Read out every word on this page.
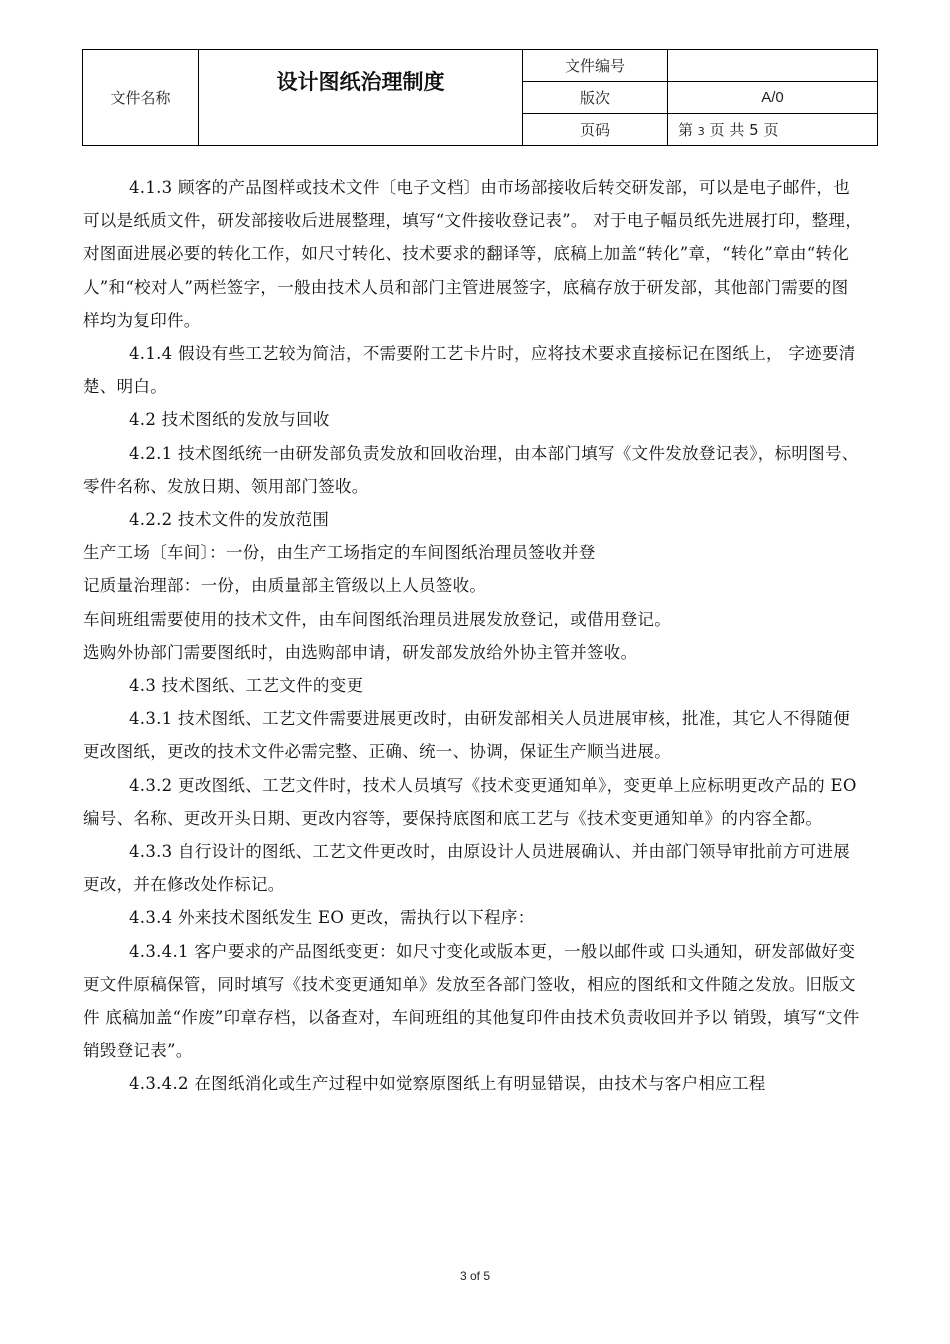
文件名称	设计图纸治理制度	文件编号	
		版次	A/0
		页码	第 3 页 共 5 页

4.1.3 顾客的产品图样或技术文件〔电子文档〕由市场部接收后转交研发部，可以是电子邮件，也可以是纸质文件，研发部接收后进展整理，填写“文件接收登记表”。 对于电子幅员纸先进展打印，整理，对图面进展必要的转化工作，如尺寸转化、技术要求的翻译等，底稿上加盖“转化”章，“转化”章由“转化人”和“校对人”两栏签字，一般由技术人员和部门主管进展签字，底稿存放于研发部，其他部门需要的图样均为复印件。

4.1.4 假设有些工艺较为简洁，不需要附工艺卡片时，应将技术要求直接标记在图纸上， 字迹要清楚、明白。

4.2 技术图纸的发放与回收

4.2.1 技术图纸统一由研发部负责发放和回收治理，由本部门填写《文件发放登记表》，标明图号、零件名称、发放日期、领用部门签收。

4.2.2 技术文件的发放范围

生产工场〔车间〕：一份，由生产工场指定的车间图纸治理员签收并登

记质量治理部：一份，由质量部主管级以上人员签收。

车间班组需要使用的技术文件，由车间图纸治理员进展发放登记，或借用登记。

选购外协部门需要图纸时，由选购部申请，研发部发放给外协主管并签收。

4.3 技术图纸、工艺文件的变更

4.3.1 技术图纸、工艺文件需要进展更改时，由研发部相关人员进展审核，批准，其它人不得随便更改图纸，更改的技术文件必需完整、正确、统一、协调，保证生产顺当进展。

4.3.2 更改图纸、工艺文件时，技术人员填写《技术变更通知单》，变更单上应标明更改产品的 EO 编号、名称、更改开头日期、更改内容等，要保持底图和底工艺与《技术变更通知单》的内容全都。

4.3.3 自行设计的图纸、工艺文件更改时，由原设计人员进展确认、并由部门领导审批前方可进展更改，并在修改处作标记。

4.3.4 外来技术图纸发生 EO 更改，需执行以下程序：

4.3.4.1 客户要求的产品图纸变更：如尺寸变化或版本更，一般以邮件或 口头通知，研发部做好变更文件原稿保管，同时填写《技术变更通知单》发放至各部门签收，相应的图纸和文件随之发放。旧版文件 底稿加盖“作废”印章存档，以备查对，车间班组的其他复印件由技术负责收回并予以 销毁，填写“文件销毁登记表”。

4.3.4.2 在图纸消化或生产过程中如觉察原图纸上有明显错误，由技术与客户相应工程

3 of 5
